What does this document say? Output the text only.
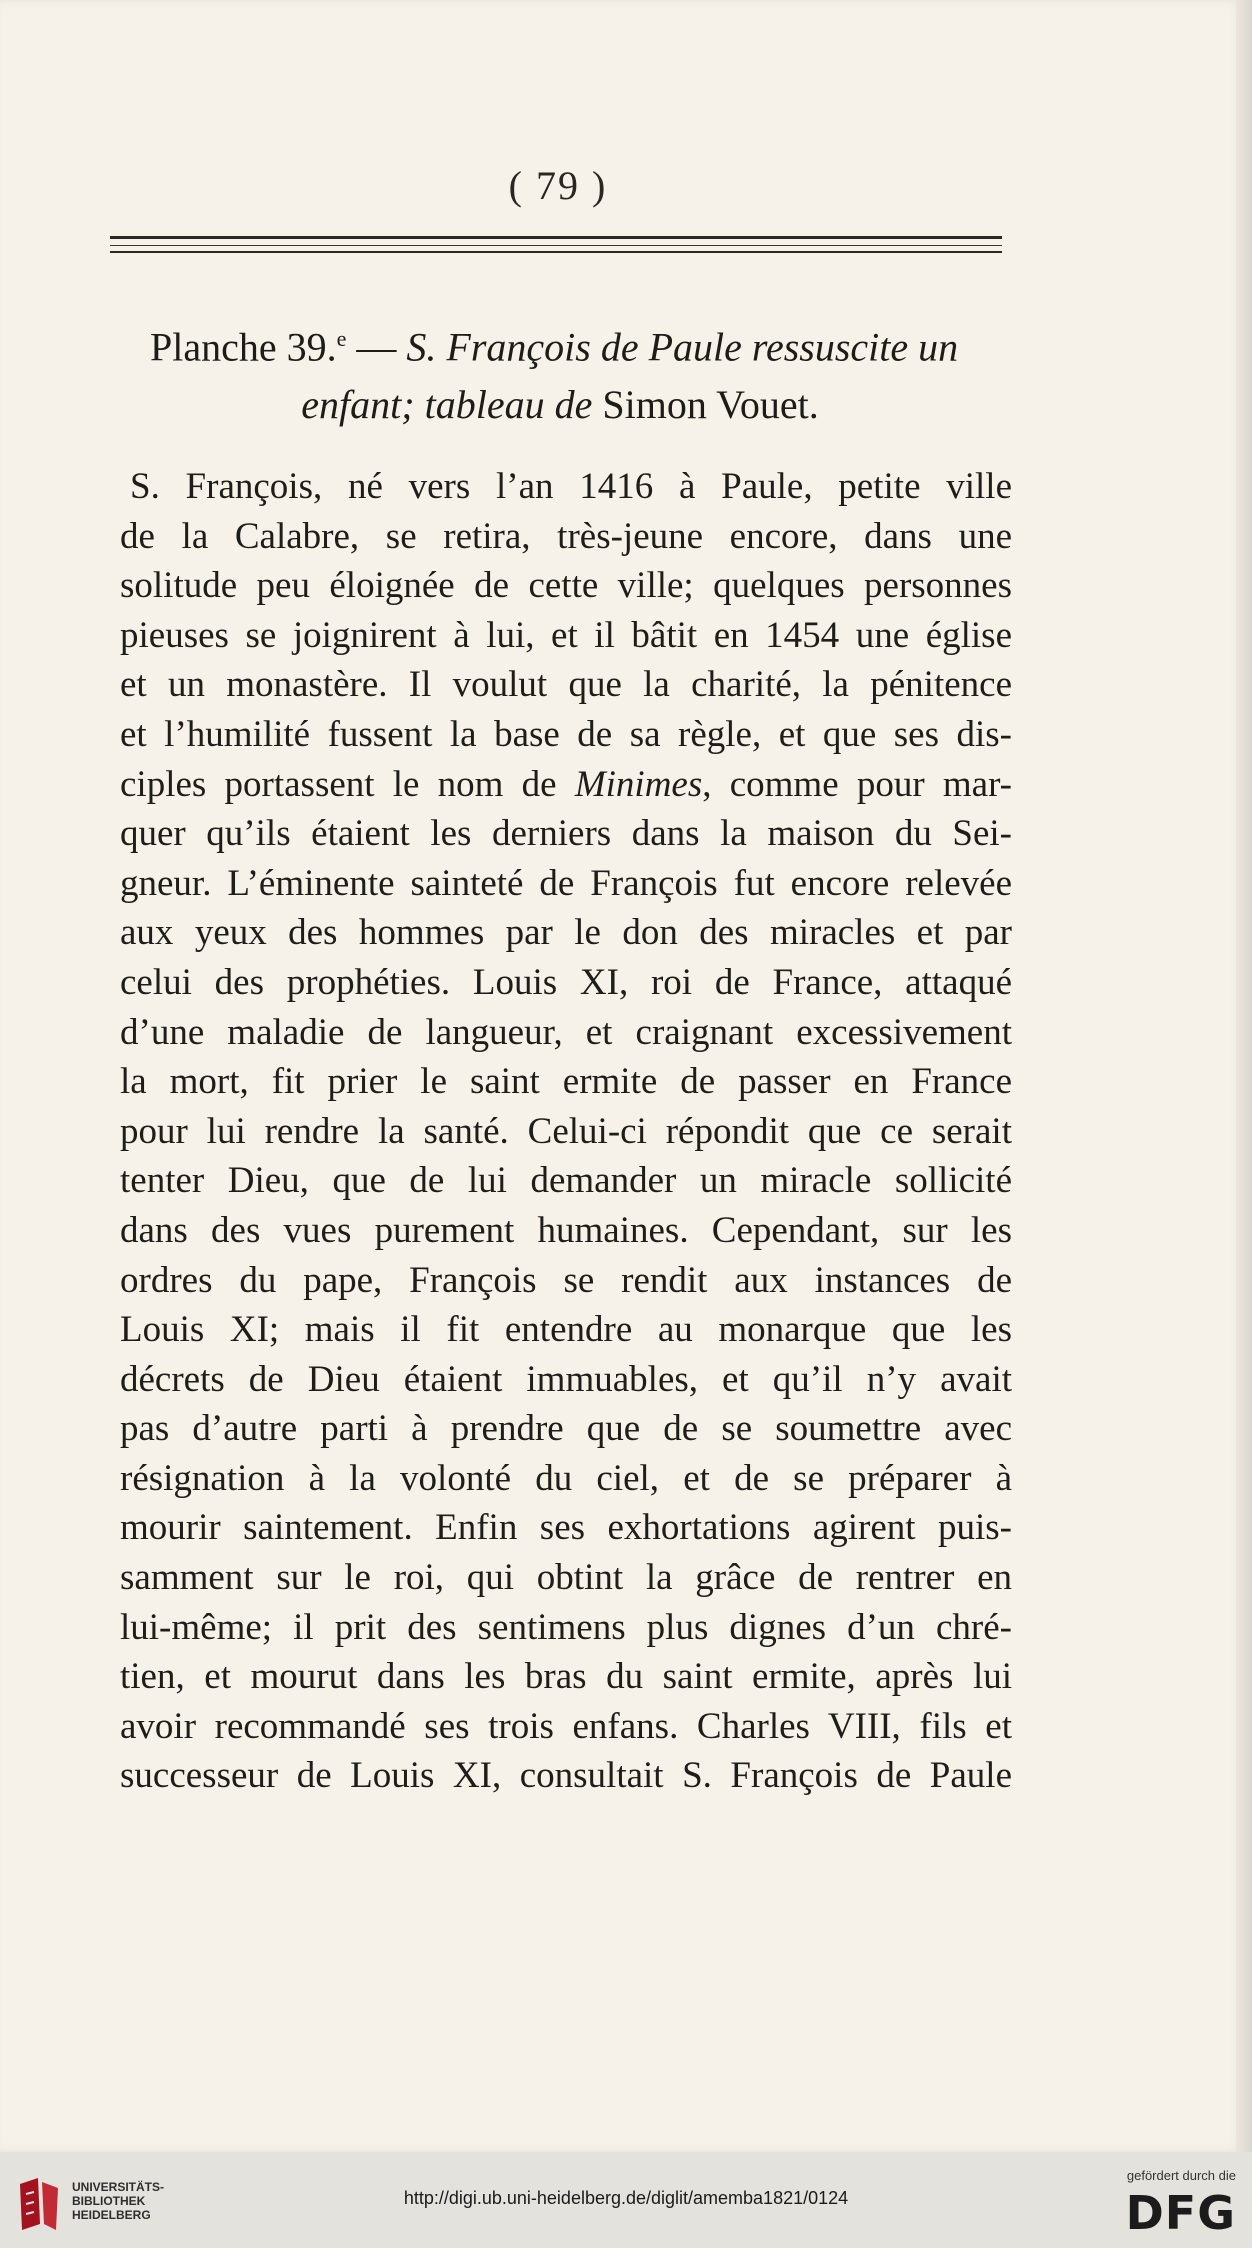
( 79 )
Planche 39.$^e$ — S. François de Paule ressuscite un
enfant; tableau de Simon Vouet.
S. François, né vers l’an 1416 à Paule, petite ville
de la Calabre, se retira, très-jeune encore, dans une
solitude peu éloignée de cette ville; quelques personnes
pieuses se joignirent à lui, et il bâtit en 1454 une église
et un monastère. Il voulut que la charité, la pénitence
et l’humilité fussent la base de sa règle, et que ses dis-
ciples portassent le nom de Minimes, comme pour mar-
quer qu’ils étaient les derniers dans la maison du Sei-
gneur. L’éminente sainteté de François fut encore relevée
aux yeux des hommes par le don des miracles et par
celui des prophéties. Louis XI, roi de France, attaqué
d’une maladie de langueur, et craignant excessivement
la mort, fit prier le saint ermite de passer en France
pour lui rendre la santé. Celui-ci répondit que ce serait
tenter Dieu, que de lui demander un miracle sollicité
dans des vues purement humaines. Cependant, sur les
ordres du pape, François se rendit aux instances de
Louis XI; mais il fit entendre au monarque que les
décrets de Dieu étaient immuables, et qu’il n’y avait
pas d’autre parti à prendre que de se soumettre avec
résignation à la volonté du ciel, et de se préparer à
mourir saintement. Enfin ses exhortations agirent puis-
samment sur le roi, qui obtint la grâce de rentrer en
lui-même; il prit des sentimens plus dignes d’un chré-
tien, et mourut dans les bras du saint ermite, après lui
avoir recommandé ses trois enfans. Charles VIII, fils et
successeur de Louis XI, consultait S. François de Paule
UNIVERSITÄTS-
BIBLIOTHEK
HEIDELBERG
http://digi.ub.uni-heidelberg.de/diglit/amemba1821/0124
gefördert durch die
DFG
